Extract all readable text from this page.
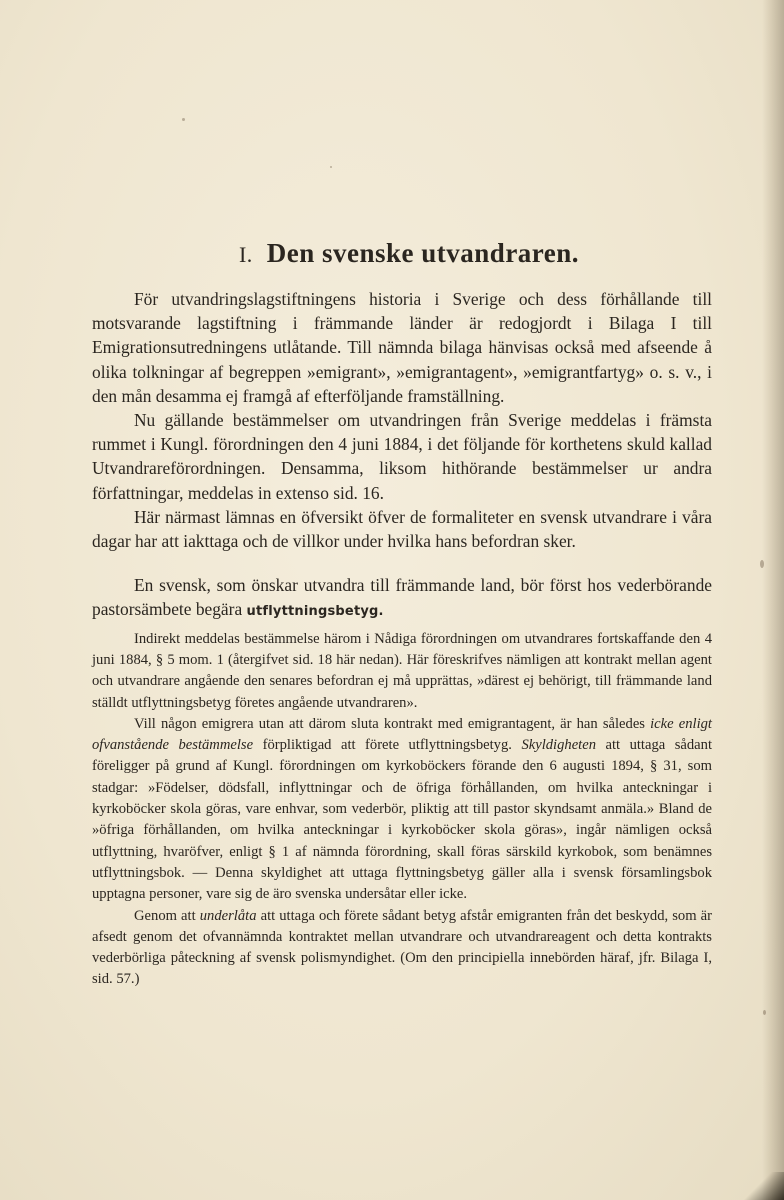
I. Den svenske utvandraren.

För utvandringslagstiftningens historia i Sverige och dess förhållande till motsvarande lagstiftning i främmande länder är redogjordt i Bilaga I till Emigrationsutredningens utlåtande. Till nämnda bilaga hänvisas också med afseende å olika tolkningar af begreppen »emigrant», »emigrantagent», »emigrantfartyg» o. s. v., i den mån desamma ej framgå af efterföljande framställning.

Nu gällande bestämmelser om utvandringen från Sverige meddelas i främsta rummet i Kungl. förordningen den 4 juni 1884, i det följande för korthetens skuld kallad Utvandrareförordningen. Densamma, liksom hithörande bestämmelser ur andra författningar, meddelas in extenso sid. 16.

Här närmast lämnas en öfversikt öfver de formaliteter en svensk utvandrare i våra dagar har att iakttaga och de villkor under hvilka hans befordran sker.

En svensk, som önskar utvandra till främmande land, bör först hos vederbörande pastorsämbete begära utflyttningsbetyg.

Indirekt meddelas bestämmelse härom i Nådiga förordningen om utvandrares fortskaffande den 4 juni 1884, § 5 mom. 1 (återgifvet sid. 18 här nedan). Här föreskrifves nämligen att kontrakt mellan agent och utvandrare angående den senares befordran ej må upprättas, »därest ej behörigt, till främmande land ställdt utflyttningsbetyg företes angående utvandraren».

Vill någon emigrera utan att därom sluta kontrakt med emigrantagent, är han således icke enligt ofvanstående bestämmelse förpliktigad att förete utflyttningsbetyg. Skyldigheten att uttaga sådant föreligger på grund af Kungl. förordningen om kyrkoböckers förande den 6 augusti 1894, § 31, som stadgar: »Födelser, dödsfall, inflyttningar och de öfriga förhållanden, om hvilka anteckningar i kyrkoböcker skola göras, vare enhvar, som vederbör, pliktig att till pastor skyndsamt anmäla.» Bland de »öfriga förhållanden, om hvilka anteckningar i kyrkoböcker skola göras», ingår nämligen också utflyttning, hvaröfver, enligt § 1 af nämnda förordning, skall föras särskild kyrkobok, som benämnes utflyttningsbok. — Denna skyldighet att uttaga flyttningsbetyg gäller alla i svensk församlingsbok upptagna personer, vare sig de äro svenska undersåtar eller icke.

Genom att underlåta att uttaga och förete sådant betyg afstår emigranten från det beskydd, som är afsedt genom det ofvannämnda kontraktet mellan utvandrare och utvandrareagent och detta kontrakts vederbörliga påteckning af svensk polismyndighet. (Om den principiella innebörden häraf, jfr. Bilaga I, sid. 57.)
